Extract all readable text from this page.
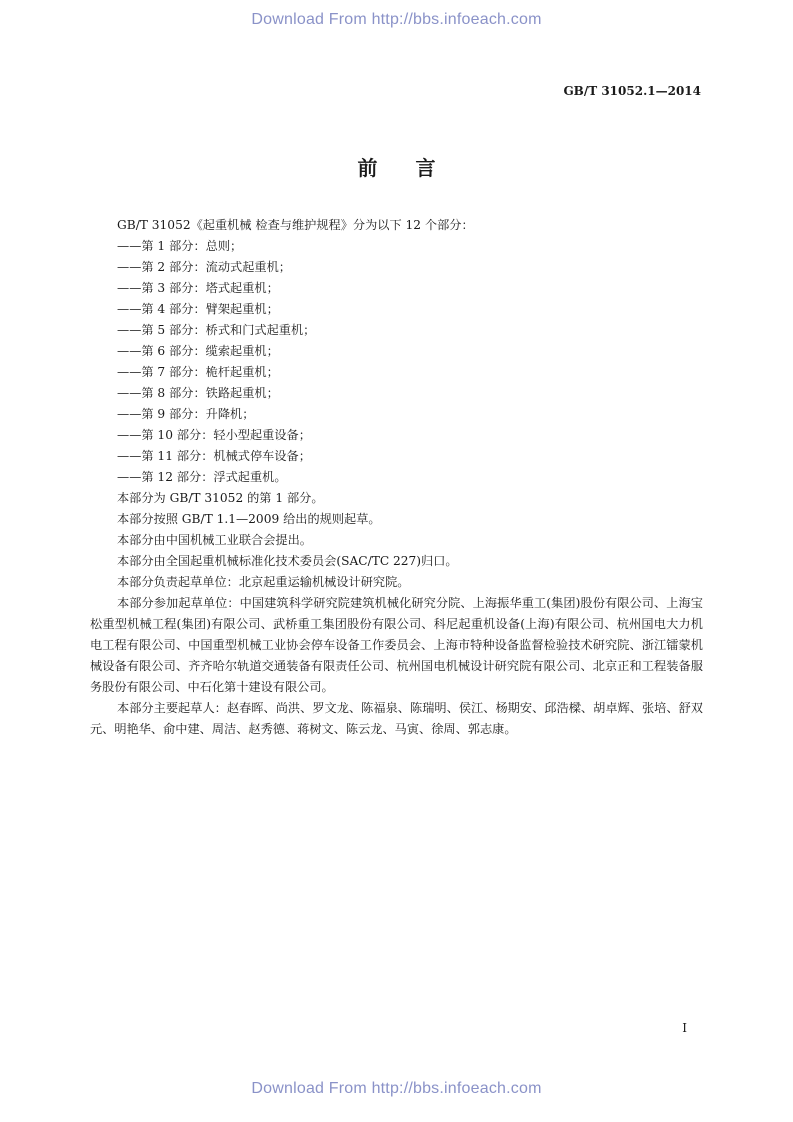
Download From http://bbs.infoeach.com
GB/T 31052.1—2014
前言

GB/T 31052《起重机械 检查与维护规程》分为以下 12 个部分：

——第 1 部分：总则；

——第 2 部分：流动式起重机；

——第 3 部分：塔式起重机；

——第 4 部分：臂架起重机；

——第 5 部分：桥式和门式起重机；

——第 6 部分：缆索起重机；

——第 7 部分：桅杆起重机；

——第 8 部分：铁路起重机；

——第 9 部分：升降机；

——第 10 部分：轻小型起重设备；

——第 11 部分：机械式停车设备；

——第 12 部分：浮式起重机。

本部分为 GB/T 31052 的第 1 部分。

本部分按照 GB/T 1.1—2009 给出的规则起草。

本部分由中国机械工业联合会提出。

本部分由全国起重机械标准化技术委员会(SAC/TC 227)归口。

本部分负责起草单位：北京起重运输机械设计研究院。

本部分参加起草单位：中国建筑科学研究院建筑机械化研究分院、上海振华重工(集团)股份有限公司、上海宝松重型机械工程(集团)有限公司、武桥重工集团股份有限公司、科尼起重机设备(上海)有限公司、杭州国电大力机电工程有限公司、中国重型机械工业协会停车设备工作委员会、上海市特种设备监督检验技术研究院、浙江镭蒙机械设备有限公司、齐齐哈尔轨道交通装备有限责任公司、杭州国电机械设计研究院有限公司、北京正和工程装备服务股份有限公司、中石化第十建设有限公司。

本部分主要起草人：赵春晖、尚洪、罗文龙、陈福泉、陈瑞明、侯江、杨期安、邱浩樑、胡卓辉、张培、舒双元、明艳华、俞中建、周洁、赵秀德、蒋树文、陈云龙、马寅、徐周、郭志康。

I
Download From http://bbs.infoeach.com
